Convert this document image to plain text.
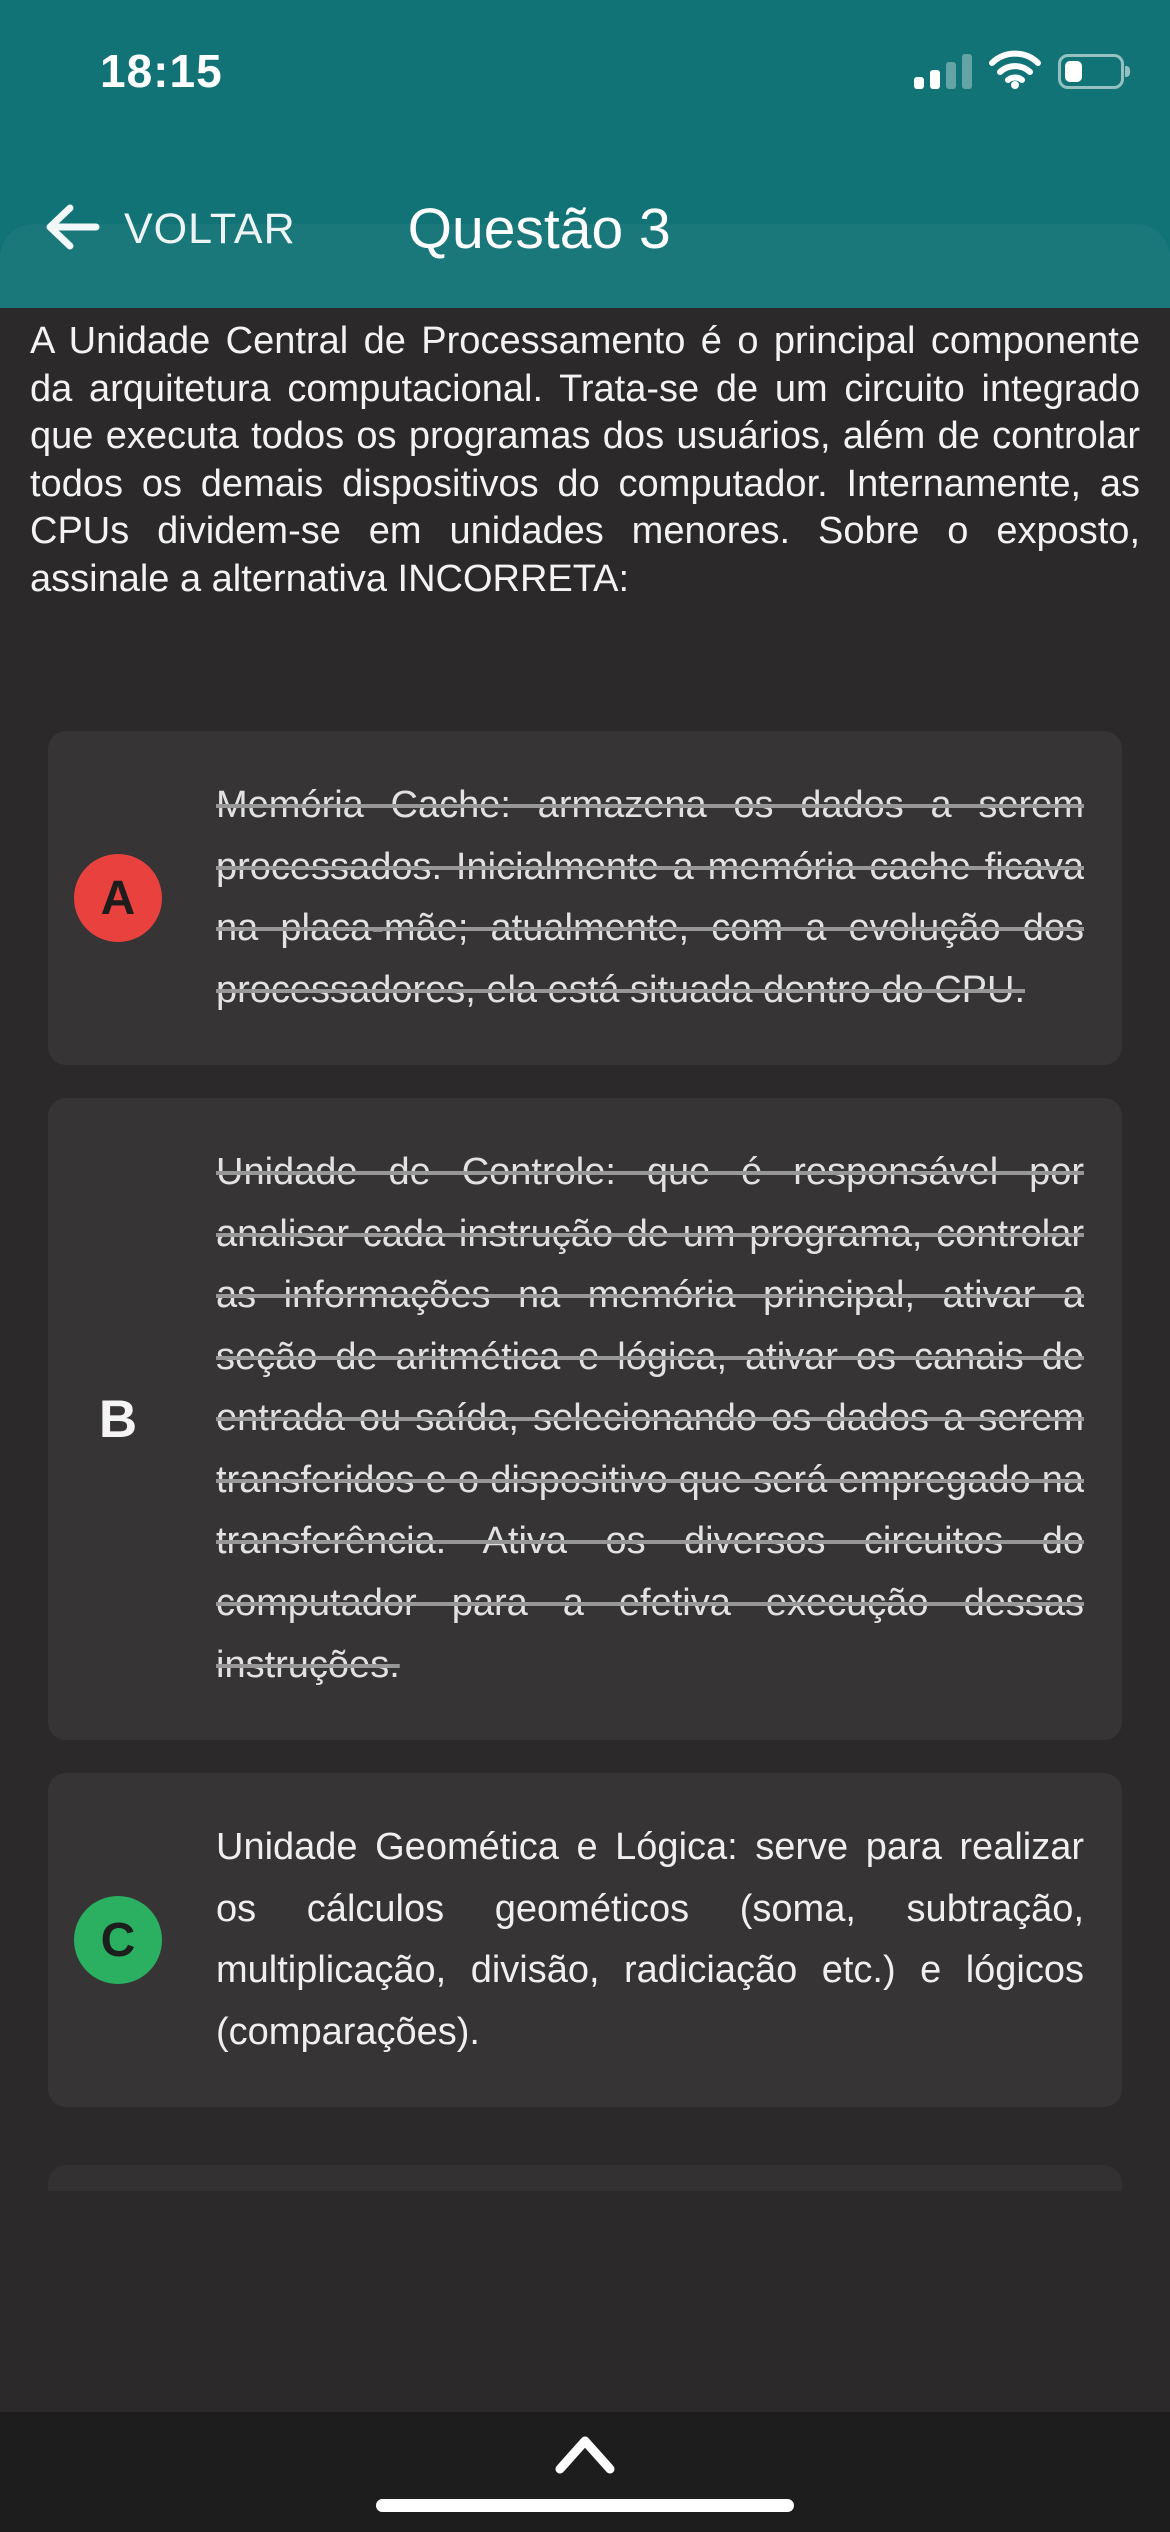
18:15
VOLTAR Questão 3
A Unidade Central de Processamento é o principal componente da arquitetura computacional. Trata-se de um circuito integrado que executa todos os programas dos usuários, além de controlar todos os demais dispositivos do computador. Internamente, as CPUs dividem-se em unidades menores. Sobre o exposto, assinale a alternativa INCORRETA:
A
Memória Cache: armazena os dados a serem processados. Inicialmente a memória cache ficava na placa-mãe; atualmente, com a evolução dos processadores, ela está situada dentro do CPU.
B
Unidade de Controle: que é responsável por analisar cada instrução de um programa, controlar as informações na memória principal, ativar a seção de aritmética e lógica, ativar os canais de entrada ou saída, selecionando os dados a serem transferidos e o dispositivo que será empregado na transferência. Ativa os diversos circuitos do computador para a efetiva execução dessas instruções.
C
Unidade Geomética e Lógica: serve para realizar os cálculos geométicos (soma, subtração, multiplicação, divisão, radiciação etc.) e lógicos (comparações).
